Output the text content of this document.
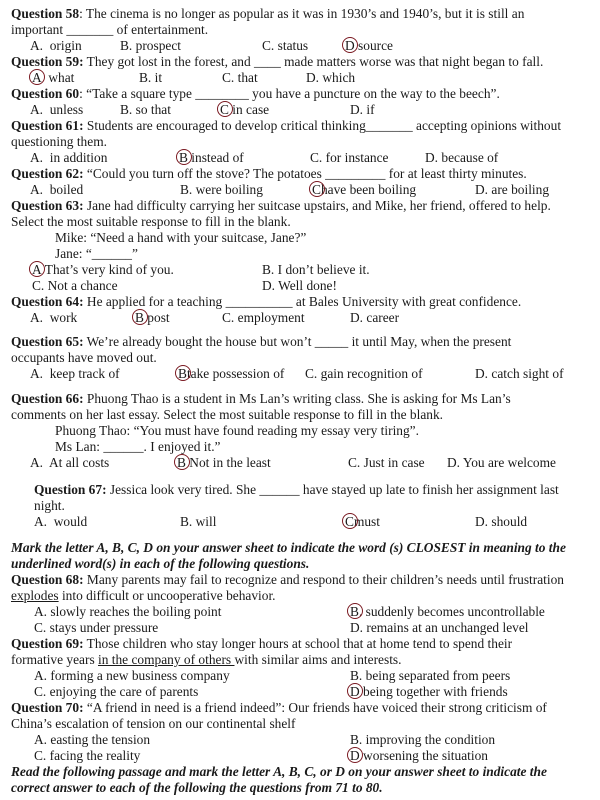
Question 58: The cinema is no longer as popular as it was in 1930’s and 1940’s, but it is still an
important _______ of entertainment.
A. origin	B. prospect	C. status	D source
Question 59: They got lost in the forest, and ____ made matters worse was that night began to fall.
A what	B. it	C. that	D. which
Question 60: “Take a square type ________ you have a puncture on the way to the beech”.
A. unless	B. so that	C in case	D. if
Question 61: Students are encouraged to develop critical thinking_______ accepting opinions without
questioning them.
A. in addition	B instead of	C. for instance	D. because of
Question 62: “Could you turn off the stove? The potatoes _________ for at least thirty minutes.
A. boiled	B. were boiling	Chave been boiling	D. are boiling
Question 63: Jane had difficulty carrying her suitcase upstairs, and Mike, her friend, offered to help.
Select the most suitable response to fill in the blank.
Mike: “Need a hand with your suitcase, Jane?”
Jane: “______”
A That’s very kind of you.	B. I don’t believe it.
C. Not a chance	D. Well done!
Question 64: He applied for a teaching __________ at Bales University with great confidence.
A. work	B post	C. employment	D. career
Question 65: We’re already bought the house but won’t _____ it until May, when the present
occupants have moved out.
A. keep track of	Btake possession of C. gain recognition of	D. catch sight of
Question 66: Phuong Thao is a student in Ms Lan’s writing class. She is asking for Ms Lan’s
comments on her last essay. Select the most suitable response to fill in the blank.
Phuong Thao: “You must have found reading my essay very tiring”.
Ms Lan: ______. I enjoyed it.”
A. At all costs	B Not in the least	C. Just in case D. You are welcome
Question 67: Jessica look very tired. She ______ have stayed up late to finish her assignment last
night.
A. would	B. will	Cmust	D. should
Mark the letter A, B, C, D on your answer sheet to indicate the word (s) CLOSEST in meaning to the
underlined word(s) in each of the following questions.
Question 68: Many parents may fail to recognize and respond to their children’s needs until frustration
explodes into difficult or uncooperative behavior.
A. slowly reaches the boiling point	B. suddenly becomes uncontrollable
C. stays under pressure	D. remains at an unchanged level
Question 69: Those children who stay longer hours at school that at home tend to spend their
formative years in the company of others with similar aims and interests.
A. forming a new business company	B. being separated from peers
C. enjoying the care of parents	D being together with friends
Question 70: “A friend in need is a friend indeed”: Our friends have voiced their strong criticism of
China’s escalation of tension on our continental shelf
A. easting the tension	B. improving the condition
C. facing the reality	D worsening the situation
Read the following passage and mark the letter A, B, C, or D on your answer sheet to indicate the
correct answer to each of the following the questions from 71 to 80.
